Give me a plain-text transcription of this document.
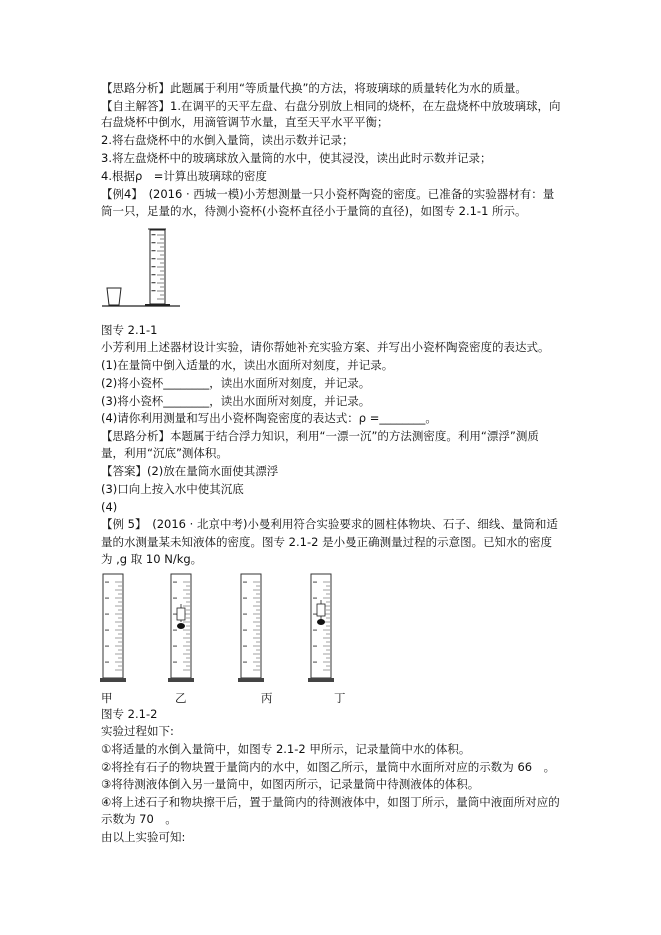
【思路分析】此题属于利用“等质量代换”的方法，将玻璃球的质量转化为水的质量。
【自主解答】1.在调平的天平左盘、右盘分别放上相同的烧杯，在左盘烧杯中放玻璃球，向
右盘烧杯中倒水，用滴管调节水量，直至天平水平平衡；
2.将右盘烧杯中的水倒入量筒，读出示数并记录；
3.将左盘烧杯中的玻璃球放入量筒的水中，使其浸没，读出此时示数并记录；
4.根据ρ　=计算出玻璃球的密度
【例4】　(2016 · 西城一模)小芳想测量一只小瓷杯陶瓷的密度。已准备的实验器材有：量
筒一只，足量的水，待测小瓷杯(小瓷杯直径小于量筒的直径)，如图专 2.1-1 所示。
图专 2.1-1
小芳利用上述器材设计实验，请你帮她补充实验方案、并写出小瓷杯陶瓷密度的表达式。
(1)在量筒中倒入适量的水，读出水面所对刻度，并记录。
(2)将小瓷杯________，读出水面所对刻度，并记录。
(3)将小瓷杯________，读出水面所对刻度，并记录。
(4)请你利用测量和写出小瓷杯陶瓷密度的表达式：ρ =________。
【思路分析】本题属于结合浮力知识，利用“一漂一沉”的方法测密度。利用“漂浮”测质
量，利用“沉底”测体积。
【答案】(2)放在量筒水面使其漂浮
(3)口向上按入水中使其沉底
(4)
【例 5】　(2016 · 北京中考)小曼利用符合实验要求的圆柱体物块、石子、细线、量筒和适
量的水测量某未知液体的密度。图专 2.1-2 是小曼正确测量过程的示意图。已知水的密度
为 ,g 取 10 N/kg。
甲	乙	丙	丁
图专 2.1-2
实验过程如下:
①将适量的水倒入量筒中，如图专 2.1-2 甲所示，记录量筒中水的体积。
②将拴有石子的物块置于量筒内的水中，如图乙所示，量筒中水面所对应的示数为 66　。
③将待测液体倒入另一量筒中，如图丙所示，记录量筒中待测液体的体积。
④将上述石子和物块擦干后，置于量筒内的待测液体中，如图丁所示，量筒中液面所对应的
示数为 70　。
由以上实验可知:
